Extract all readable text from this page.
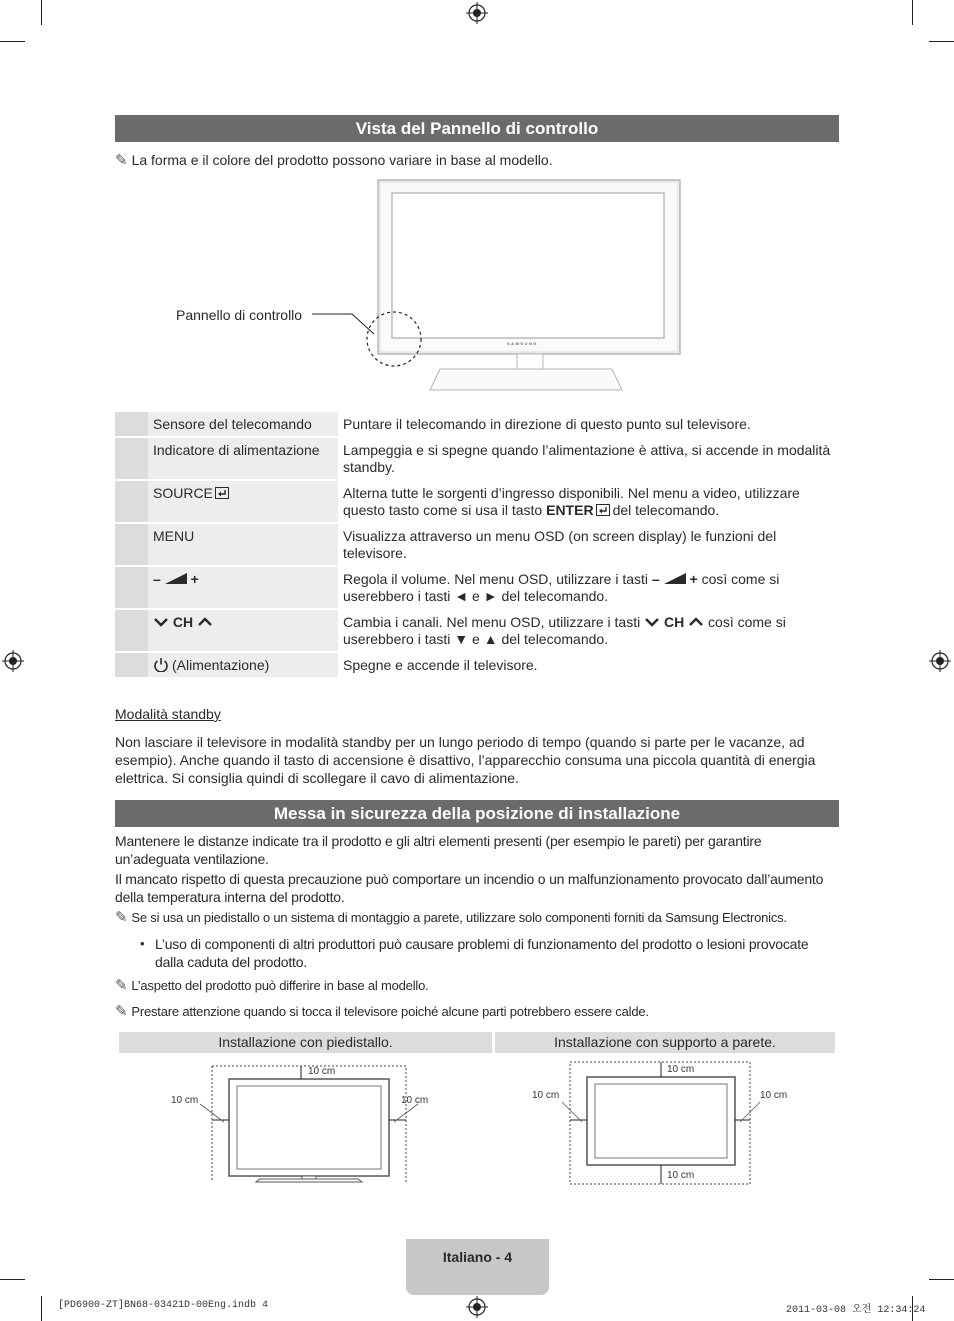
Vista del Pannello di controllo
✎ La forma e il colore del prodotto possono variare in base al modello.
SAMSUNG
Pannello di controllo
	Sensore del telecomando	Puntare il telecomando in direzione di questo punto sul televisore.
	Indicatore di alimentazione	Lampeggia e si spegne quando l’alimentazione è attiva, si accende in modalità standby.
	SOURCE	Alterna tutte le sorgenti d’ingresso disponibili. Nel menu a video, utilizzare questo tasto come si usa il tasto ENTER del telecomando.
	MENU	Visualizza attraverso un menu OSD (on screen display) le funzioni del televisore.
	– +	Regola il volume. Nel menu OSD, utilizzare i tasti – + così come si userebbero i tasti ◄ e ► del telecomando.
	CH	Cambia i canali. Nel menu OSD, utilizzare i tasti CH così come si userebbero i tasti ▼ e ▲ del telecomando.
	(Alimentazione)	Spegne e accende il televisore.
Modalità standby
Non lasciare il televisore in modalità standby per un lungo periodo di tempo (quando si parte per le vacanze, ad esempio). Anche quando il tasto di accensione è disattivo, l’apparecchio consuma una piccola quantità di energia elettrica. Si consiglia quindi di scollegare il cavo di alimentazione.
Messa in sicurezza della posizione di installazione
Mantenere le distanze indicate tra il prodotto e gli altri elementi presenti (per esempio le pareti) per garantire un’adeguata ventilazione.
Il mancato rispetto di questa precauzione può comportare un incendio o un malfunzionamento provocato dall’aumento della temperatura interna del prodotto.
✎ Se si usa un piedistallo o un sistema di montaggio a parete, utilizzare solo componenti forniti da Samsung Electronics.
• L’uso di componenti di altri produttori può causare problemi di funzionamento del prodotto o lesioni provocate dalla caduta del prodotto.
✎ L’aspetto del prodotto può differire in base al modello.
✎ Prestare attenzione quando si tocca il televisore poiché alcune parti potrebbero essere calde.
Installazione con piedistallo.	Installazione con supporto a parete.
10 cm
10 cm	10 cm
10 cm
10 cm	10 cm
10 cm
Italiano - 4
[PD6900-ZT]BN68-03421D-00Eng.indb 4	2011-03-08 오전 12:34:24
